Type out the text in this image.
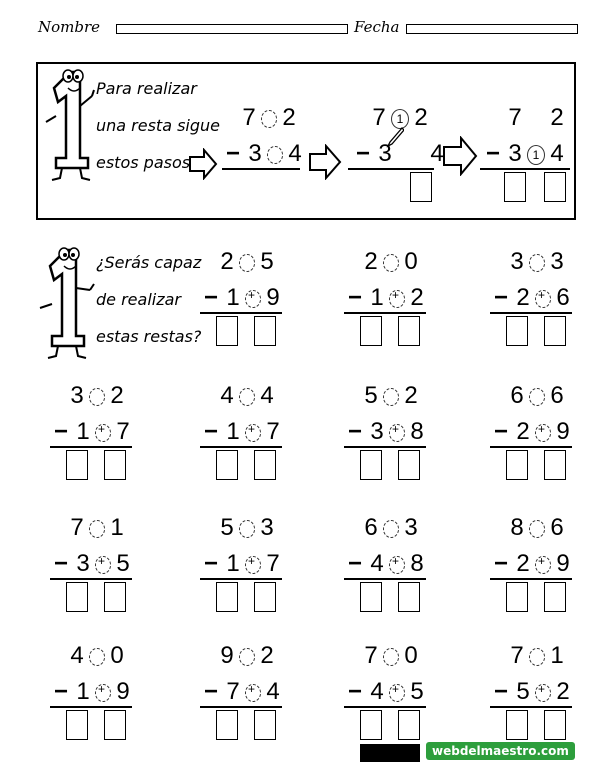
Nombre	Fecha
Para realizar
una resta sigue
estos pasos
7 2
− 3 4
7 1 2
− 3 4
7 2
− 3 1 4
¿Serás capaz
de realizar
estas restas?
2 5
− 1 + 9
2 0
− 1 + 2
3 3
− 2 + 6
3 2
− 1 + 7
4 4
− 1 + 7
5 2
− 3 + 8
6 6
− 2 + 9
7 1
− 3 + 5
5 3
− 1 + 7
6 3
− 4 + 8
8 6
− 2 + 9
4 0
− 1 + 9
9 2
− 7 + 4
7 0
− 4 + 5
7 1
− 5 + 2
webdelmaestro.com
